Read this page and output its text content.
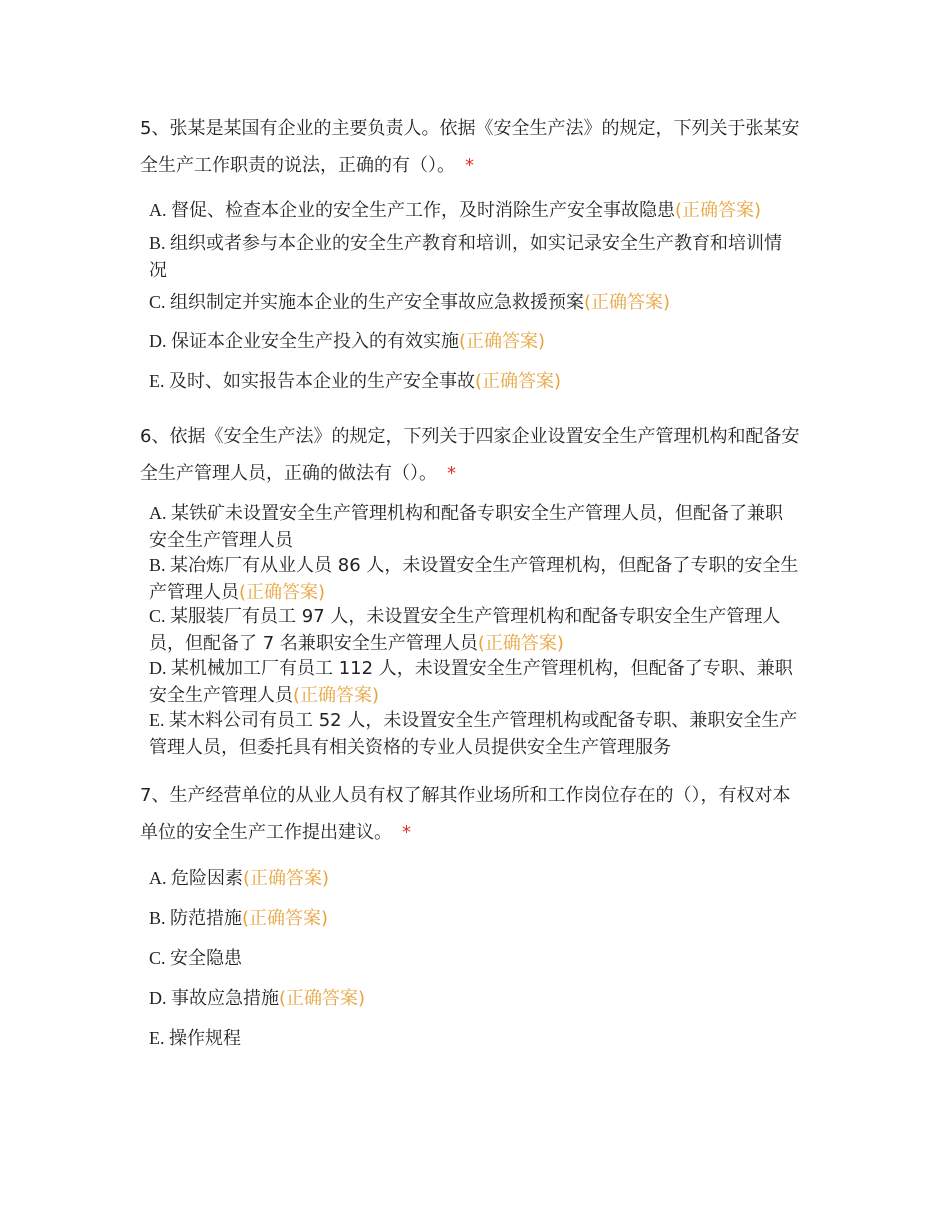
5、张某是某国有企业的主要负责人。依据《安全生产法》的规定，下列关于张某安全生产工作职责的说法，正确的有（）。 *
A. 督促、检查本企业的安全生产工作，及时消除生产安全事故隐患(正确答案)
B. 组织或者参与本企业的安全生产教育和培训，如实记录安全生产教育和培训情况
C. 组织制定并实施本企业的生产安全事故应急救援预案(正确答案)
D. 保证本企业安全生产投入的有效实施(正确答案)
E. 及时、如实报告本企业的生产安全事故(正确答案)
6、依据《安全生产法》的规定，下列关于四家企业设置安全生产管理机构和配备安全生产管理人员，正确的做法有（）。 *
A. 某铁矿未设置安全生产管理机构和配备专职安全生产管理人员，但配备了兼职安全生产管理人员
B. 某冶炼厂有从业人员 86 人，未设置安全生产管理机构，但配备了专职的安全生产管理人员(正确答案)
C. 某服装厂有员工 97 人，未设置安全生产管理机构和配备专职安全生产管理人员，但配备了 7 名兼职安全生产管理人员(正确答案)
D. 某机械加工厂有员工 112 人，未设置安全生产管理机构，但配备了专职、兼职安全生产管理人员(正确答案)
E. 某木料公司有员工 52 人，未设置安全生产管理机构或配备专职、兼职安全生产管理人员，但委托具有相关资格的专业人员提供安全生产管理服务
7、生产经营单位的从业人员有权了解其作业场所和工作岗位存在的（），有权对本单位的安全生产工作提出建议。 *
A. 危险因素(正确答案)
B. 防范措施(正确答案)
C. 安全隐患
D. 事故应急措施(正确答案)
E. 操作规程
